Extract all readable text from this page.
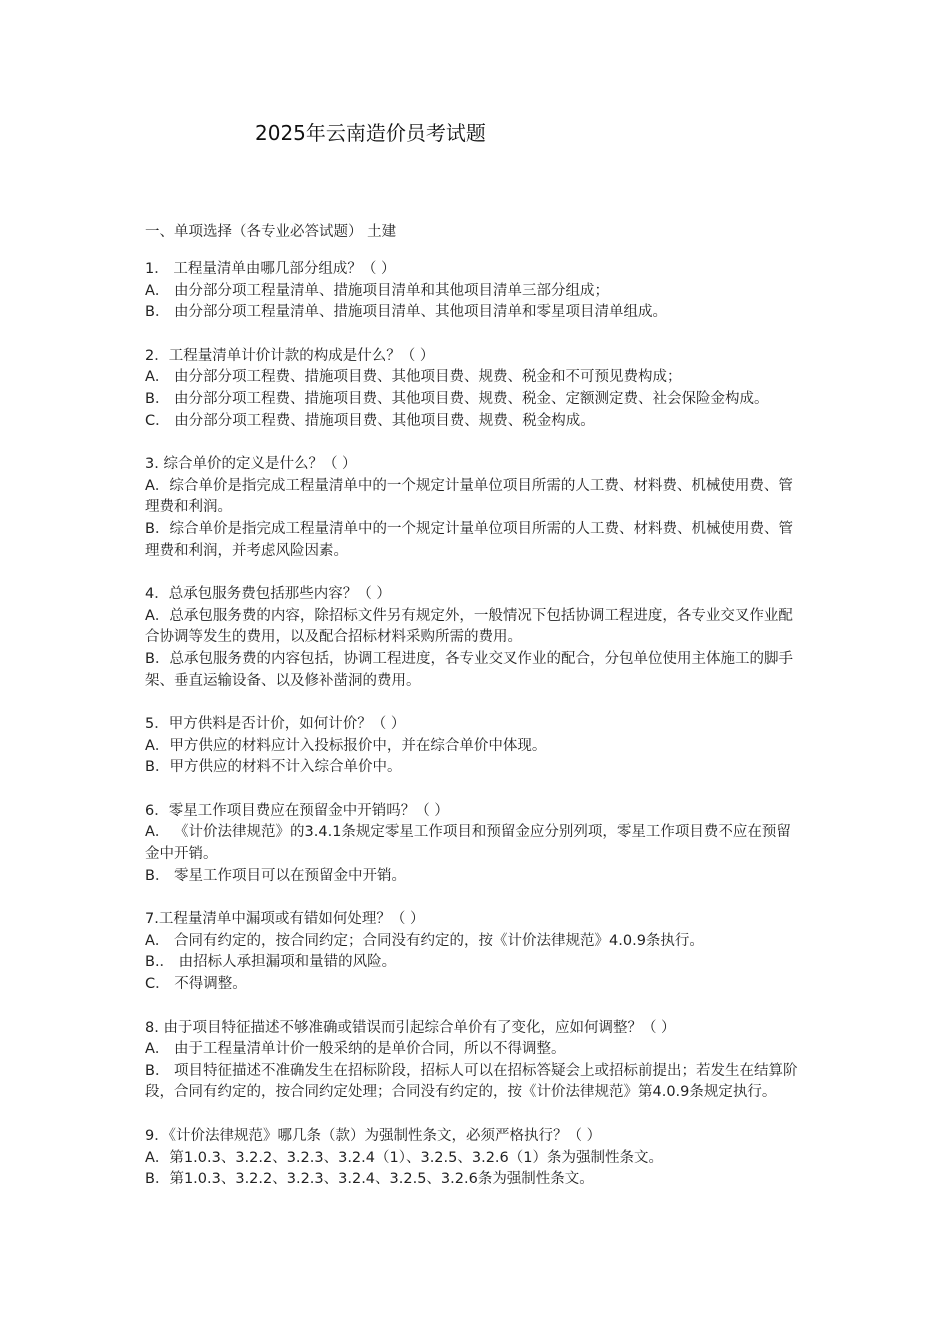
2025年云南造价员考试题
一、单项选择（各专业必答试题） 土建

1． 工程量清单由哪几部分组成？（ ）

A． 由分部分项工程量清单、措施项目清单和其他项目清单三部分组成；

B． 由分部分项工程量清单、措施项目清单、其他项目清单和零星项目清单组成。

2．工程量清单计价计款的构成是什么？（ ）

A． 由分部分项工程费、措施项目费、其他项目费、规费、税金和不可预见费构成；

B． 由分部分项工程费、措施项目费、其他项目费、规费、税金、定额测定费、社会保险金构成。

C． 由分部分项工程费、措施项目费、其他项目费、规费、税金构成。

3. 综合单价的定义是什么？（ ）

A．综合单价是指完成工程量清单中的一个规定计量单位项目所需的人工费、材料费、机械使用费、管理费和利润。

B．综合单价是指完成工程量清单中的一个规定计量单位项目所需的人工费、材料费、机械使用费、管理费和利润，并考虑风险因素。

4．总承包服务费包括那些内容？（ ）

A．总承包服务费的内容，除招标文件另有规定外，一般情况下包括协调工程进度，各专业交叉作业配合协调等发生的费用，以及配合招标材料采购所需的费用。

B．总承包服务费的内容包括，协调工程进度，各专业交叉作业的配合，分包单位使用主体施工的脚手架、垂直运输设备、以及修补凿洞的费用。

5．甲方供料是否计价，如何计价？（ ）

A．甲方供应的材料应计入投标报价中，并在综合单价中体现。

B．甲方供应的材料不计入综合单价中。

6．零星工作项目费应在预留金中开销吗？（ ）

A． 《计价法律规范》的3.4.1条规定零星工作项目和预留金应分别列项，零星工作项目费不应在预留金中开销。

B． 零星工作项目可以在预留金中开销。

7.工程量清单中漏项或有错如何处理？（ ）

A． 合同有约定的，按合同约定；合同没有约定的，按《计价法律规范》4.0.9条执行。

B.． 由招标人承担漏项和量错的风险。

C． 不得调整。

8. 由于项目特征描述不够准确或错误而引起综合单价有了变化，应如何调整？（ ）

A． 由于工程量清单计价一般采纳的是单价合同，所以不得调整。

B． 项目特征描述不准确发生在招标阶段，招标人可以在招标答疑会上或招标前提出；若发生在结算阶段，合同有约定的，按合同约定处理；合同没有约定的，按《计价法律规范》第4.0.9条规定执行。

9．《计价法律规范》哪几条（款）为强制性条文，必须严格执行？（ ）

A．第1.0.3、3.2.2、3.2.3、3.2.4（1）、3.2.5、3.2.6（1）条为强制性条文。

B．第1.0.3、3.2.2、3.2.3、3.2.4、3.2.5、3.2.6条为强制性条文。
